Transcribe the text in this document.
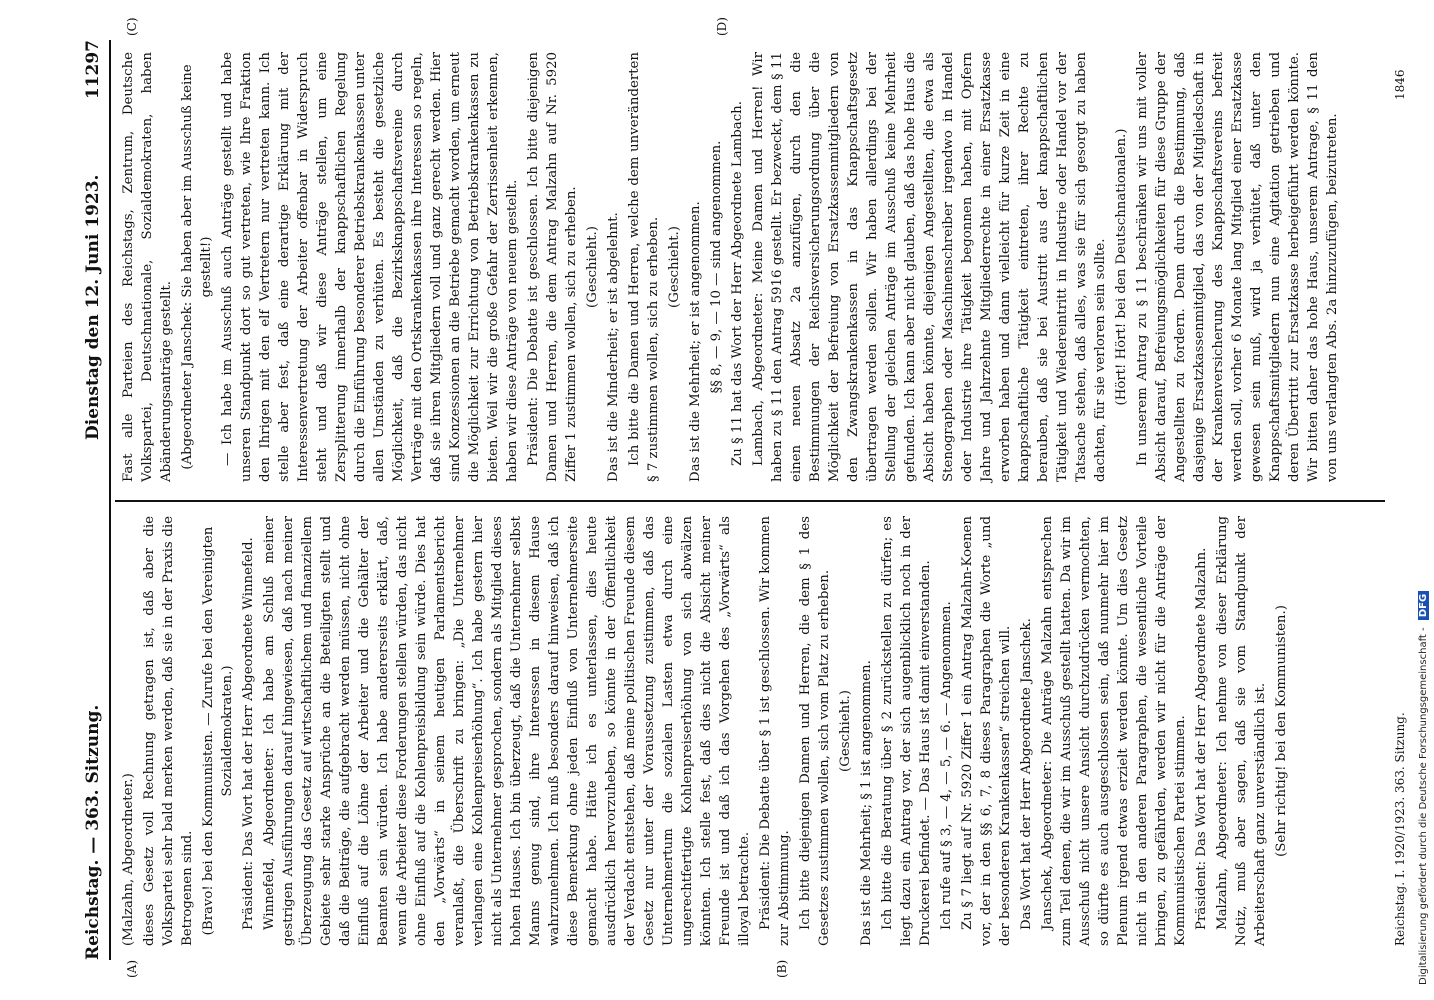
Reichstag. — 363. Sitzung.
Dienstag den 12. Juni 1923.
11297
(A)	(B)
(C)	(D)

(Malzahn, Abgeordneter.) dieses Gesetz voll Rechnung getragen ist, daß aber die Volkspartei sehr bald merken werden, daß sie in der Praxis die Betrogenen sind. (Bravo! bei den Kommunisten. — Zurufe bei den Vereinigten Sozialdemokraten.) Präsident: Das Wort hat der Herr Abgeordnete Winnefeld. Winnefeld, Abgeordneter: Ich habe am Schluß meiner gestrigen Ausführungen darauf hingewiesen, daß nach meiner Überzeugung das Gesetz auf wirtschaftlichem und finanziellem Gebiete sehr starke Ansprüche an die Beteiligten stellt und daß die Beiträge, die aufgebracht werden müssen, nicht ohne Einfluß auf die Löhne der Arbeiter und die Gehälter der Beamten sein würden. Ich habe andererseits erklärt, daß, wenn die Arbeiter diese Forderungen stellen würden, das nicht ohne Einfluß auf die Kohlenpreisbildung sein würde. Dies hat den „Vorwärts“ in seinem heutigen Parlamentsbericht veranlaßt, die Überschrift zu bringen: „Die Unternehmer verlangen eine Kohlenpreiserhöhung“. Ich habe gestern hier nicht als Unternehmer gesprochen, sondern als Mitglied dieses hohen Hauses. Ich bin überzeugt, daß die Unternehmer selbst Manns genug sind, ihre Interessen in diesem Hause wahrzunehmen. Ich muß besonders darauf hinweisen, daß ich diese Bemerkung ohne jeden Einfluß von Unternehmerseite gemacht habe. Hätte ich es unterlassen, dies heute ausdrücklich hervorzuheben, so könnte in der Öffentlichkeit der Verdacht entstehen, daß meine politischen Freunde diesem Gesetz nur unter der Voraussetzung zustimmen, daß das Unternehmertum die sozialen Lasten etwa durch eine ungerechtfertigte Kohlenpreiserhöhung von sich abwälzen könnten. Ich stelle fest, daß dies nicht die Absicht meiner Freunde ist und daß ich das Vorgehen des „Vorwärts“ als illoyal betrachte. Präsident: Die Debatte über § 1 ist geschlossen. Wir kommen zur Abstimmung. Ich bitte diejenigen Damen und Herren, die dem § 1 des Gesetzes zustimmen wollen, sich vom Platz zu erheben. (Geschieht.) Das ist die Mehrheit; § 1 ist angenommen. Ich bitte die Beratung über § 2 zurückstellen zu dürfen; es liegt dazu ein Antrag vor, der sich augenblicklich noch in der Druckerei befindet. — Das Haus ist damit einverstanden. Ich rufe auf § 3, — 4, — 5, — 6. — Angenommen. Zu § 7 liegt auf Nr. 5920 Ziffer 1 ein Antrag Malzahn-Koenen vor, der in den §§ 6, 7, 8 dieses Paragraphen die Worte „und der besonderen Krankenkassen“ streichen will. Das Wort hat der Herr Abgeordnete Janschek. Janschek, Abgeordneter: Die Anträge Malzahn entsprechen zum Teil denen, die wir im Ausschuß gestellt hatten. Da wir im Ausschuß nicht unsere Ansicht durchzudrücken vermochten, so dürfte es auch ausgeschlossen sein, daß nunmehr hier im Plenum irgend etwas erzielt werden könnte. Um dies Gesetz nicht in den anderen Paragraphen, die wesentliche Vorteile bringen, zu gefährden, werden wir nicht für die Anträge der Kommunistischen Partei stimmen. Präsident: Das Wort hat der Herr Abgeordnete Malzahn. Malzahn, Abgeordneter: Ich nehme von dieser Erklärung Notiz, muß aber sagen, daß sie vom Standpunkt der Arbeiterschaft ganz unverständlich ist. (Sehr richtig! bei den Kommunisten.)

Fast alle Parteien des Reichstags, Zentrum, Deutsche Volkspartei, Deutschnationale, Sozialdemokraten, haben Abänderungsanträge gestellt. (Abgeordneter Janschek: Sie haben aber im Ausschuß keine gestellt!) — Ich habe im Ausschuß auch Anträge gestellt und habe unseren Standpunkt dort so gut vertreten, wie Ihre Fraktion den Ihrigen mit den elf Vertretern nur vertreten kann. Ich stelle aber fest, daß eine derartige Erklärung mit der Interessenvertretung der Arbeiter offenbar in Widerspruch steht und daß wir diese Anträge stellen, um eine Zersplitterung innerhalb der knappschaftlichen Regelung durch die Einführung besonderer Betriebskrankenkassen unter allen Umständen zu verhüten. Es besteht die gesetzliche Möglichkeit, daß die Bezirksknappschaftsvereine durch Verträge mit den Ortskrankenkassen ihre Interessen so regeln, daß sie ihren Mitgliedern voll und ganz gerecht werden. Hier sind Konzessionen an die Betriebe gemacht worden, um erneut die Möglichkeit zur Errichtung von Betriebskrankenkassen zu bieten. Weil wir die große Gefahr der Zerrissenheit erkennen, haben wir diese Anträge von neuem gestellt. Präsident: Die Debatte ist geschlossen. Ich bitte diejenigen Damen und Herren, die dem Antrag Malzahn auf Nr. 5920 Ziffer 1 zustimmen wollen, sich zu erheben. (Geschieht.) Das ist die Minderheit; er ist abgelehnt. Ich bitte die Damen und Herren, welche dem unveränderten § 7 zustimmen wollen, sich zu erheben. (Geschieht.) Das ist die Mehrheit; er ist angenommen. §§ 8, — 9, — 10 — sind angenommen. Zu § 11 hat das Wort der Herr Abgeordnete Lambach. Lambach, Abgeordneter: Meine Damen und Herren! Wir haben zu § 11 den Antrag 5916 gestellt. Er bezweckt, dem § 11 einen neuen Absatz 2a anzufügen, durch den die Bestimmungen der Reichsversicherungsordnung über die Möglichkeit der Befreiung von Ersatzkassenmitgliedern von den Zwangskrankenkassen in das Knappschaftsgesetz übertragen werden sollen. Wir haben allerdings bei der Stellung der gleichen Anträge im Ausschuß keine Mehrheit gefunden. Ich kann aber nicht glauben, daß das hohe Haus die Absicht haben könnte, diejenigen Angestellten, die etwa als Stenographen oder Maschinenschreiber irgendwo in Handel oder Industrie ihre Tätigkeit begonnen haben, mit Opfern Jahre und Jahrzehnte Mitgliederrechte in einer Ersatzkasse erworben haben und dann vielleicht für kurze Zeit in eine knappschaftliche Tätigkeit eintreten, ihrer Rechte zu berauben, daß sie bei Austritt aus der knappschaftlichen Tätigkeit und Wiedereintritt in Industrie oder Handel vor der Tatsache stehen, daß alles, was sie für sich gesorgt zu haben dachten, für sie verloren sein sollte. (Hört! Hört! bei den Deutschnationalen.) In unserem Antrag zu § 11 beschränken wir uns mit voller Absicht darauf, Befreiungsmöglichkeiten für diese Gruppe der Angestellten zu fordern. Denn durch die Bestimmung, daß dasjenige Ersatzkassenmitglied, das von der Mitgliedschaft in der Krankenversicherung des Knappschaftsvereins befreit werden soll, vorher 6 Monate lang Mitglied einer Ersatzkasse gewesen sein muß, wird ja verhütet, daß unter den Knappschaftsmitgliedern nun eine Agitation getrieben und deren Übertritt zur Ersatzkasse herbeigeführt werden könnte. Wir bitten daher das hohe Haus, unserem Antrage, § 11 den von uns verlangten Abs. 2a hinzuzufügen, beizutreten.

Reichstag. I. 1920/1923. 363. Sitzung.
1846
Digitalisierung gefördert durch die Deutsche Forschungsgemeinschaft - DFG
